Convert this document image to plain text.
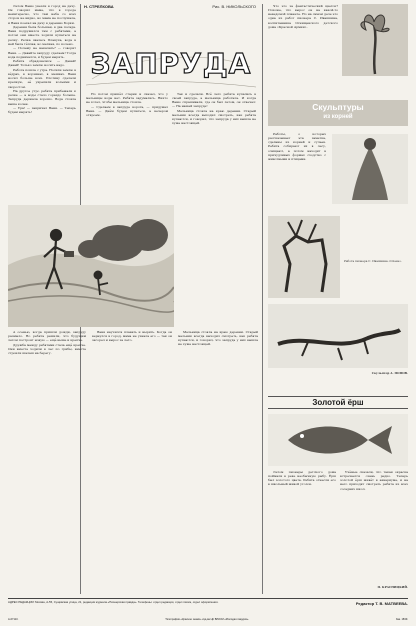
Н. СТРЕЛКОВА	Рис. В. НИКОЛЬСКОГО
ЗАПРУДА

Летом Ваню увезли в город на дачу. Он говорил маме, что в городе неинтересно, что там неба со всех сторон не видно, но мама не послушала, и Ваня поехал на дачу в деревню Борки.

Деревня была большая, в два посада. Ваня подружился там с ребятами, а потом они вместе ходили купаться на речку. Речка звалась Плакуха, вода в ней была тёплая, но мелкая, по колено.

— Почему не накачать? — говорит Ваня. — Давайте запруду сделаем! Тогда вода поднимется, и будем нырять.

Ребята обрадовались: — Давай! Давай! Только землю носить надо.

Работа пошла с утра. Носили землю в вёдрах, в корзинах, в мешках. Ваня носил больше всех. Плотину сделали крепкую, её укрепили кольями и хворостом.

На другое утро ребята прибежали к речке — а воды стало гораздо больше. Запруда держала хорошо. Вода стояла выше колен.

— Ура! — закричал Ваня. — Теперь будем нырять!

Но потом пришёл старик и сказал, что у мельницы воды нет. Ребята задумались. Никто не хотел, чтобы мельница стояла.

— Сделаем в запруде ворота, — придумал Ваня. — Днём будем купаться, а вечером откроем.

Так и сделали. Всё лето ребята купались в своей запруде, а мельница работала. И когда Ваню спрашивали, где он был летом, он отвечал: — На нашей запруде!

Мельница стояла на краю деревни. Старый мельник всегда выходил смотреть, как ребята купаются, и говорил, что запруда у них вышла не хуже настоящей.

А осенью, когда пришли дожди, запруду размыло. Но ребята решили, что будущим летом построят новую — ещё выше и крепче.

Дружба между ребятами стала ещё крепче. Они вместе ходили в лес по грибы, вместе строили шалаш на берегу.

Ваня научился плавать и нырять. Когда он вернулся в город, мама не узнала его — так он загорел и вырос за лето.

Мельница стояла на краю деревни. Старый мельник всегда выходил смотреть, как ребята купаются, и говорил, что запруда у них вышла не хуже настоящей.

Что это за фантастический цветок? Похоже, что вырос он на какой-то неведомой планете. Но на самом деле это одна из работ пионера С. Ивашкина, воспитанника Огнищевского детского дома «Красной Армии».

Скульптуры
из корней

Работы, о которых рассказывает эта заметка, сделаны из корней и сучьев. Ребята собирают их в лесу, очищают, а потом находят в причудливых формах сходство с животными и птицами.

Работа пионера С. Ивашкина «Олень».
Скульптор А. ПОПОВ.
Золотой ёрш

Летом пионеры детского дома поймали в реке необычную рыбу. Ёрш был золотого цвета. Ребята отнесли его в школьный живой уголок.

Учёные сказали, что такая окраска встречается очень редко. Теперь золотой ёрш живёт в аквариуме, и на него приходят смотреть ребята из всех соседних школ.

П. КРАСНИЦКИЙ.
АДРЕС РЕДАКЦИИ: Москва, А-55, Сущёвская улица, 21, редакция журнала «Пионерская правда». Телефоны: отдел редакции, отдел писем, отдел оформления.	Редактор Т. В. МАТВЕЕВА.
А-07113.	Типография «Красное знамя» изд-ва ЦК ВЛКСМ «Молодая гвардия».	Зак. 1839.
